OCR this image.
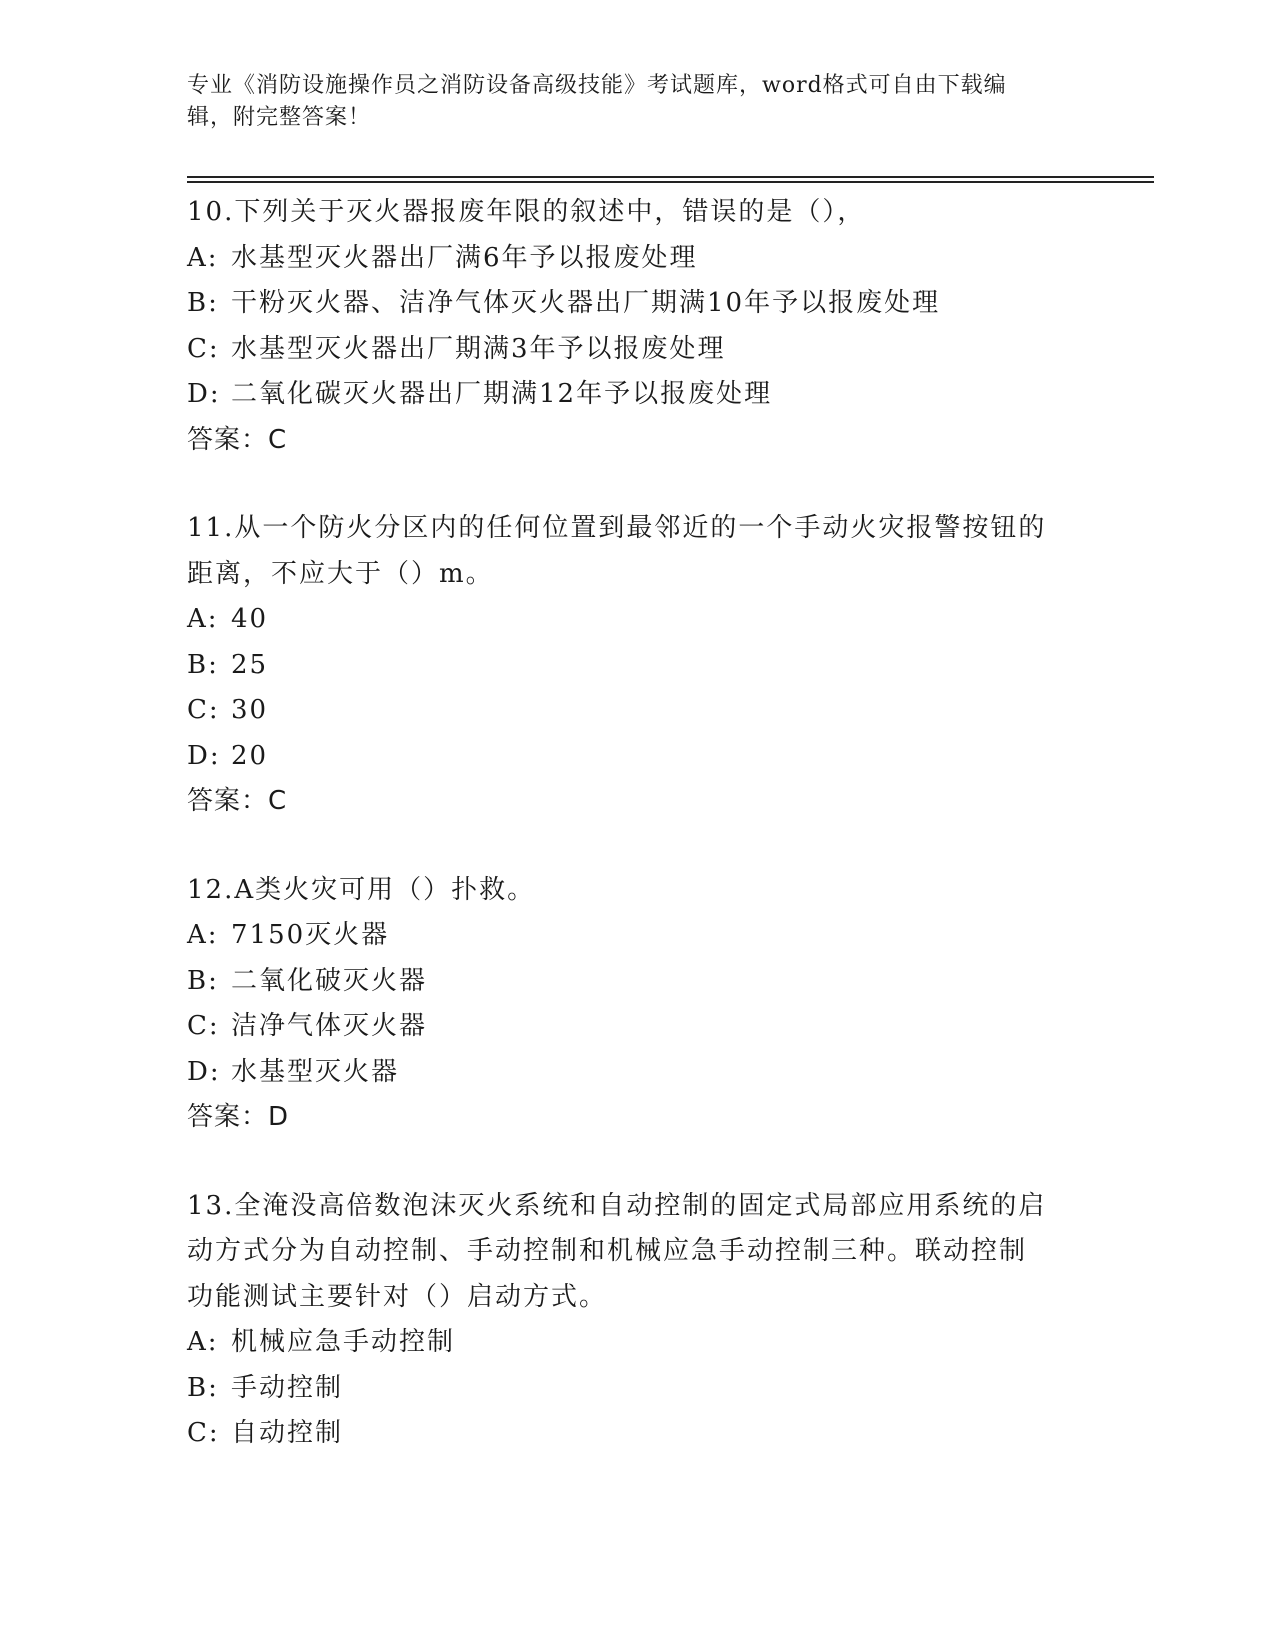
专业《消防设施操作员之消防设备高级技能》考试题库，word格式可自由下载编
辑，附完整答案！
10.下列关于灭火器报废年限的叙述中，错误的是（），
A: 水基型灭火器出厂满6年予以报废处理
B: 干粉灭火器、洁净气体灭火器出厂期满10年予以报废处理
C: 水基型灭火器出厂期满3年予以报废处理
D: 二氧化碳灭火器出厂期满12年予以报废处理
答案：C
11.从一个防火分区内的任何位置到最邻近的一个手动火灾报警按钮的
距离，不应大于（）m。
A: 40
B: 25
C: 30
D: 20
答案：C
12.A类火灾可用（）扑救。
A: 7150灭火器
B: 二氧化破灭火器
C: 洁净气体灭火器
D: 水基型灭火器
答案：D
13.全淹没高倍数泡沫灭火系统和自动控制的固定式局部应用系统的启
动方式分为自动控制、手动控制和机械应急手动控制三种。联动控制
功能测试主要针对（）启动方式。
A: 机械应急手动控制
B: 手动控制
C: 自动控制
